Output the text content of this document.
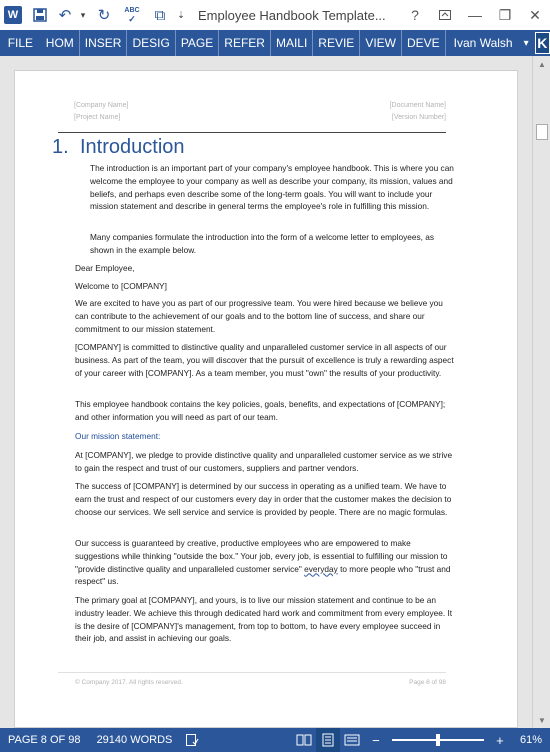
W	↶	▾ ↻	ABC
✓	⧉	⇣	Employee Handbook Template...	?	—	❐	✕
FILE	HOM INSER DESIG PAGE REFER MAILI REVIE VIEW DEVE	Ivan Walsh	▾ K
▲
▼
[Company Name]
[Project Name]
[Document Name]
[Version Number]
1. Introduction
The introduction is an important part of your company's employee handbook. This is where you can welcome the employee to your company as well as describe your company, its mission, values and beliefs, and perhaps even describe some of the long-term goals. You will want to include your mission statement and describe in general terms the employee's role in fulfilling this mission.
Many companies formulate the introduction into the form of a welcome letter to employees, as shown in the example below.
Dear Employee,
Welcome to [COMPANY]
We are excited to have you as part of our progressive team. You were hired because we believe you can contribute to the achievement of our goals and to the bottom line of success, and share our commitment to our mission statement.
[COMPANY] is committed to distinctive quality and unparalleled customer service in all aspects of our business. As part of the team, you will discover that the pursuit of excellence is truly a rewarding aspect of your career with [COMPANY]. As a team member, you must "own" the results of your productivity.
This employee handbook contains the key policies, goals, benefits, and expectations of [COMPANY]; and other information you will need as part of our team.
Our mission statement:
At [COMPANY], we pledge to provide distinctive quality and unparalleled customer service as we strive to gain the respect and trust of our customers, suppliers and partner vendors.
The success of [COMPANY] is determined by our success in operating as a unified team. We have to earn the trust and respect of our customers every day in order that the customer makes the decision to choose our services. We sell service and service is provided by people. There are no magic formulas.
Our success is guaranteed by creative, productive employees who are empowered to make suggestions while thinking "outside the box." Your job, every job, is essential to fulfilling our mission to "provide distinctive quality and unparalleled customer service" everyday to more people who "trust and respect" us.
The primary goal at [COMPANY], and yours, is to live our mission statement and continue to be an industry leader. We achieve this through dedicated hard work and commitment from every employee. It is the desire of [COMPANY]'s management, from top to bottom, to have every employee succeed in their job, and assist in achieving our goals.
© Company 2017. All rights reserved.	Page 8 of 98
PAGE 8 OF 98	29140 WORDS	−	+	61%
